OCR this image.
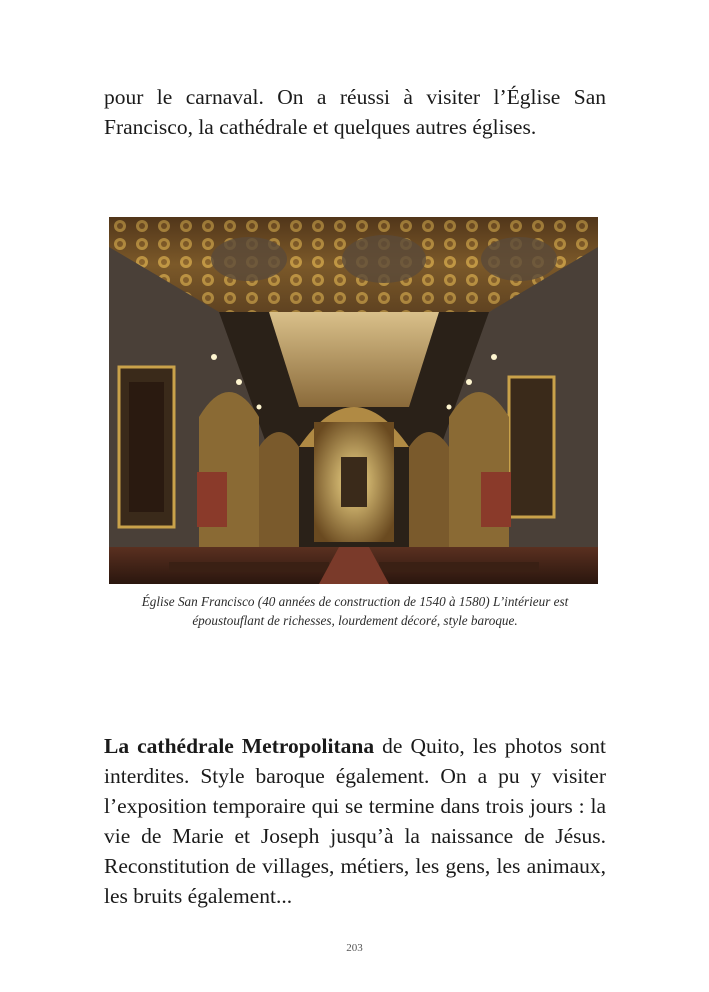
pour le carnaval. On a réussi à visiter l’Église San Francisco, la cathédrale et quelques autres églises.

Église San Francisco (40 années de construction de 1540 à 1580) L’intérieur est
époustouflant de richesses, lourdement décoré, style baroque.

La cathédrale Metropolitana de Quito, les photos sont interdites. Style baroque également. On a pu y visiter l’exposition temporaire qui se termine dans trois jours : la vie de Marie et Joseph jusqu’à la naissance de Jésus. Reconstitution de villages, métiers, les gens, les animaux, les bruits également...

203
